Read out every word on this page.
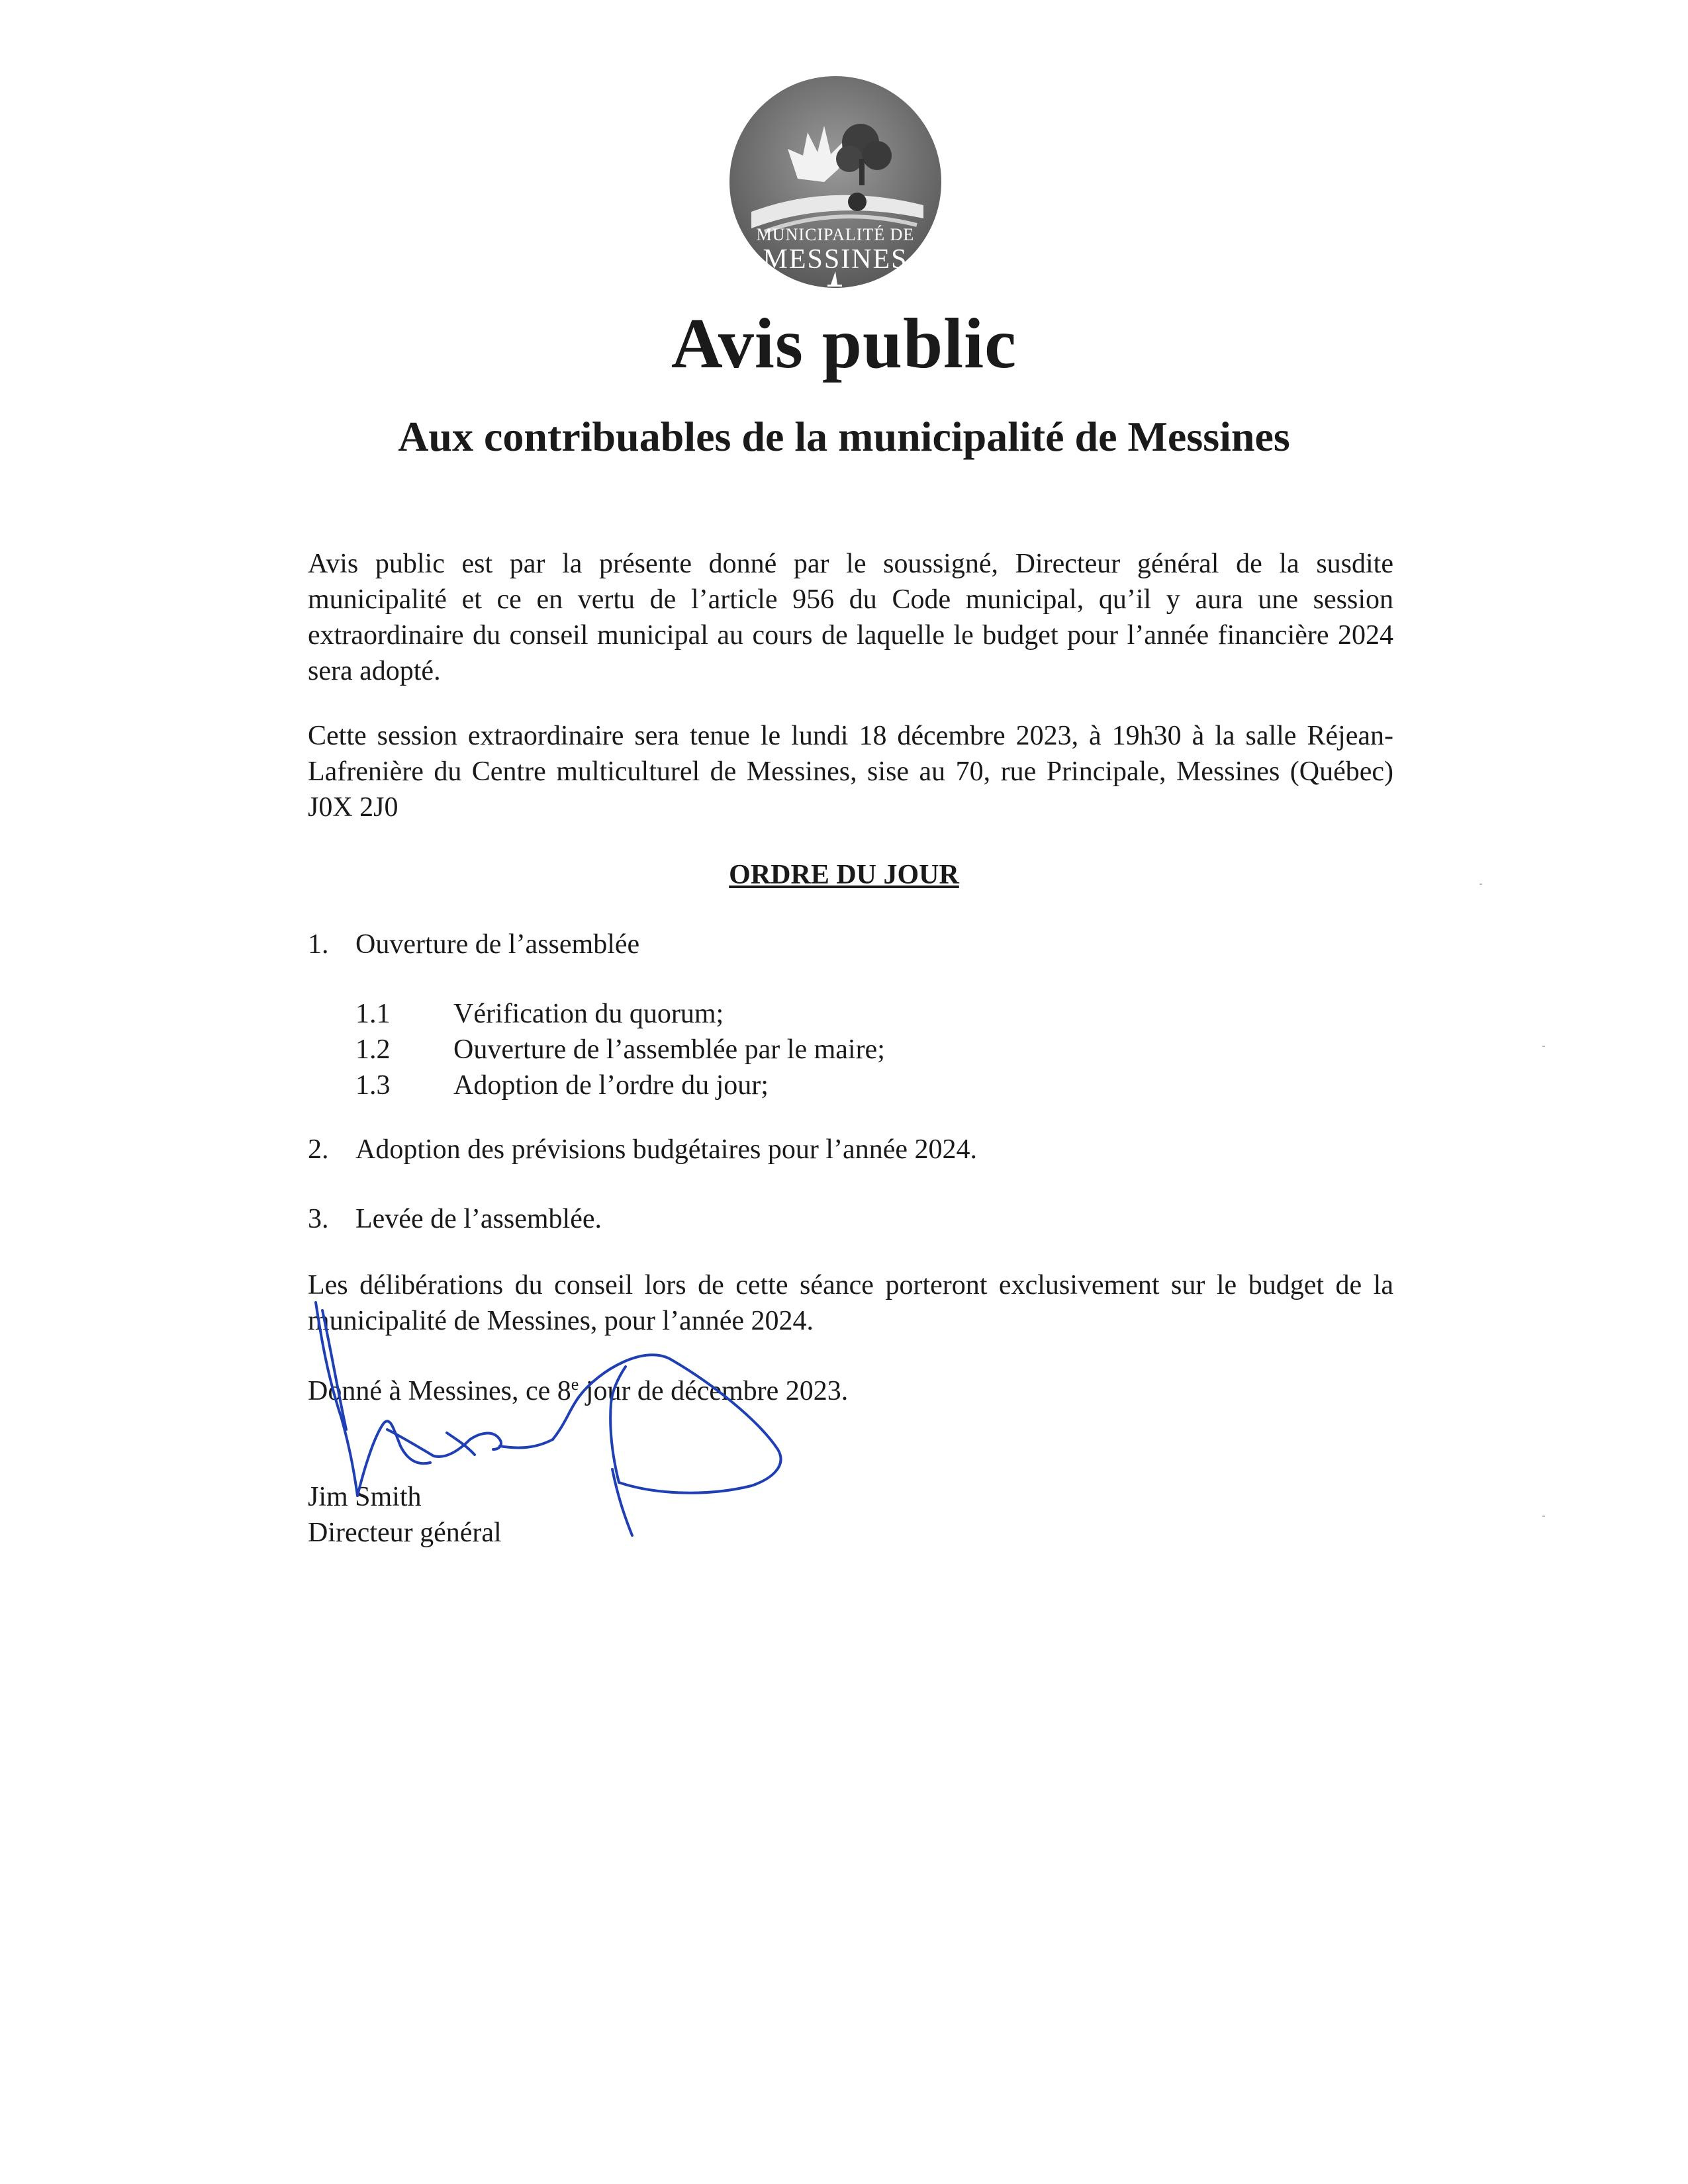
MUNICIPALITÉ DE
MESSINES
Avis public
Aux contribuables de la municipalité de Messines
Avis public est par la présente donné par le soussigné, Directeur général de la susdite municipalité et ce en vertu de l’article 956 du Code municipal, qu’il y aura une session extraordinaire du conseil municipal au cours de laquelle le budget pour l’année financière 2024 sera adopté.
Cette session extraordinaire sera tenue le lundi 18 décembre 2023, à 19h30 à la salle Réjean-Lafrenière du Centre multiculturel de Messines, sise au 70, rue Principale, Messines (Québec) J0X 2J0
ORDRE DU JOUR
1. Ouverture de l’assemblée
1.1 Vérification du quorum;
1.2 Ouverture de l’assemblée par le maire;
1.3 Adoption de l’ordre du jour;
2. Adoption des prévisions budgétaires pour l’année 2024.
3. Levée de l’assemblée.
Les délibérations du conseil lors de cette séance porteront exclusivement sur le budget de la municipalité de Messines, pour l’année 2024.
Donné à Messines, ce 8e jour de décembre 2023.
Jim Smith
Directeur général
